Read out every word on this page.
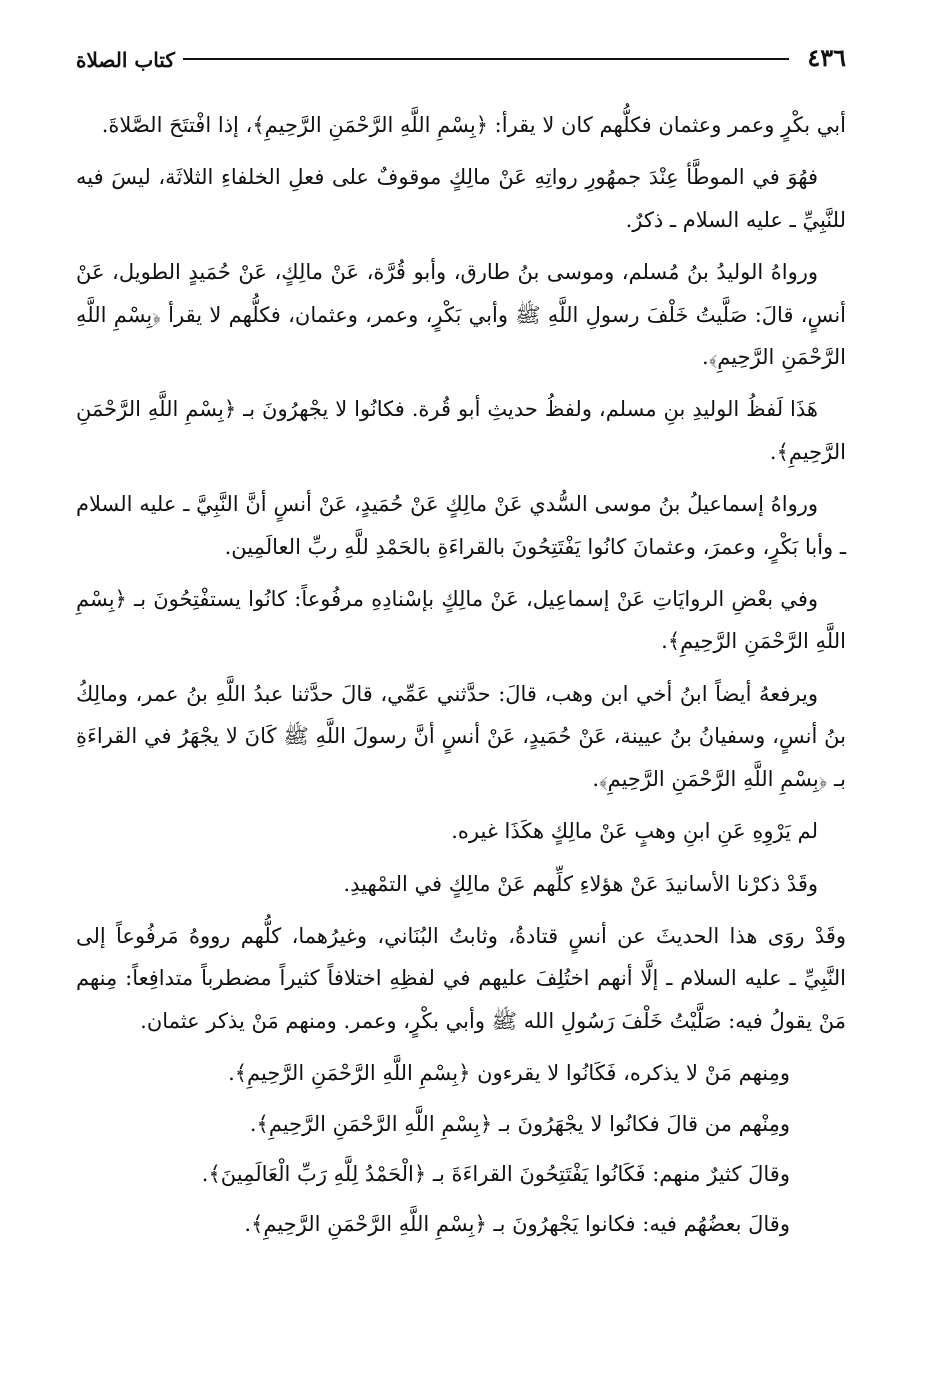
٤٣٦
كتاب الصلاة

أبي بكْرٍ وعمر وعثمان فكلُّهم كان لا يقرأ: ﴿بِسْمِ اللَّهِ الرَّحْمَنِ الرَّحِيمِ﴾، إذا افْتتَحَ الصَّلاةَ.

فهُوَ في الموطَّأ عِنْدَ جمهُورِ رواتِهِ عَنْ مالِكٍ موقوفٌ على فعلِ الخلفاءِ الثلاثَة، ليسَ فيه للنَّبِيِّ ـ عليه السلام ـ ذكرٌ.

ورواهُ الوليدُ بنُ مُسلم، وموسى بنُ طارق، وأبو قُرَّة، عَنْ مالِكٍ، عَنْ حُمَيدٍ الطويل، عَنْ أنسٍ، قالَ: صَلَّيتُ خَلْفَ رسولِ اللَّهِ ﷺ وأبي بَكْرٍ، وعمر، وعثمان، فكلُّهم لا يقرأ ﴿بِسْمِ اللَّهِ الرَّحْمَنِ الرَّحِيمِ﴾.

هَذَا لَفظُ الوليدِ بنِ مسلم، ولفظُ حديثِ أبو قُرة. فكانُوا لا يجْهرُونَ بـ ﴿بِسْمِ اللَّهِ الرَّحْمَنِ الرَّحِيمِ﴾.

ورواهُ إسماعيلُ بنُ موسى السُّدي عَنْ مالِكٍ عَنْ حُمَيدٍ، عَنْ أنسٍ أنَّ النَّبِيَّ ـ عليه السلام ـ وأبا بَكْرٍ، وعمرَ، وعثمانَ كانُوا يَفْتَتِحُونَ بالقراءَةِ بالحَمْدِ للَّهِ ربِّ العالَمِين.

وفي بعْضِ الروايَاتِ عَنْ إسماعِيل، عَنْ مالِكٍ بإسْنادِهِ مرفُوعاً: كانُوا يستفْتِحُونَ بـ ﴿بِسْمِ اللَّهِ الرَّحْمَنِ الرَّحِيمِ﴾.

ويرفعهُ أيضاً ابنُ أخي ابن وهب، قالَ: حدَّثني عَمِّي، قالَ حدَّثنا عبدُ اللَّهِ بنُ عمر، ومالِكُ بنُ أنسٍ، وسفيانُ بنُ عيينة، عَنْ حُمَيدٍ، عَنْ أنسٍ أنَّ رسولَ اللَّهِ ﷺ كَانَ لا يجْهَرُ في القراءَةِ بـ ﴿بِسْمِ اللَّهِ الرَّحْمَنِ الرَّحِيمِ﴾.

لم يَرْوِهِ عَنِ ابنِ وهبٍ عَنْ مالِكٍ هكَذَا غيره.

وقَدْ ذكرْنا الأسانيدَ عَنْ هؤلاءِ كلِّهم عَنْ مالِكٍ في التمْهيدِ.

وقَدْ روَى هذا الحديثَ عن أنسٍ قتادةُ، وثابتُ البُنَاني، وغيرُهما، كلُّهم رووهُ مَرفُوعاً إلى النَّبِيِّ ـ عليه السلام ـ إلَّا أنهم اختُلِفَ عليهم في لفظِهِ اختلافاً كثيراً مضطرباً متدافِعاً: مِنهم مَنْ يقولُ فيه: صَلَّيْتُ خَلْفَ رَسُولِ الله ﷺ وأبي بكْرٍ، وعمر. ومنهم مَنْ يذكر عثمان.

ومِنهم مَنْ لا يذكره، فَكَانُوا لا يقرءون ﴿بِسْمِ اللَّهِ الرَّحْمَنِ الرَّحِيمِ﴾.

ومِنْهم من قالَ فكانُوا لا يجْهَرُونَ بـ ﴿بِسْمِ اللَّهِ الرَّحْمَنِ الرَّحِيمِ﴾.

وقالَ كثيرٌ منهم: فَكَانُوا يَفْتَتِحُونَ القراءَةَ بـ ﴿الْحَمْدُ لِلَّهِ رَبِّ الْعَالَمِينَ﴾.

وقالَ بعضُهُم فيه: فكانوا يَجْهرُونَ بـ ﴿بِسْمِ اللَّهِ الرَّحْمَنِ الرَّحِيمِ﴾.
